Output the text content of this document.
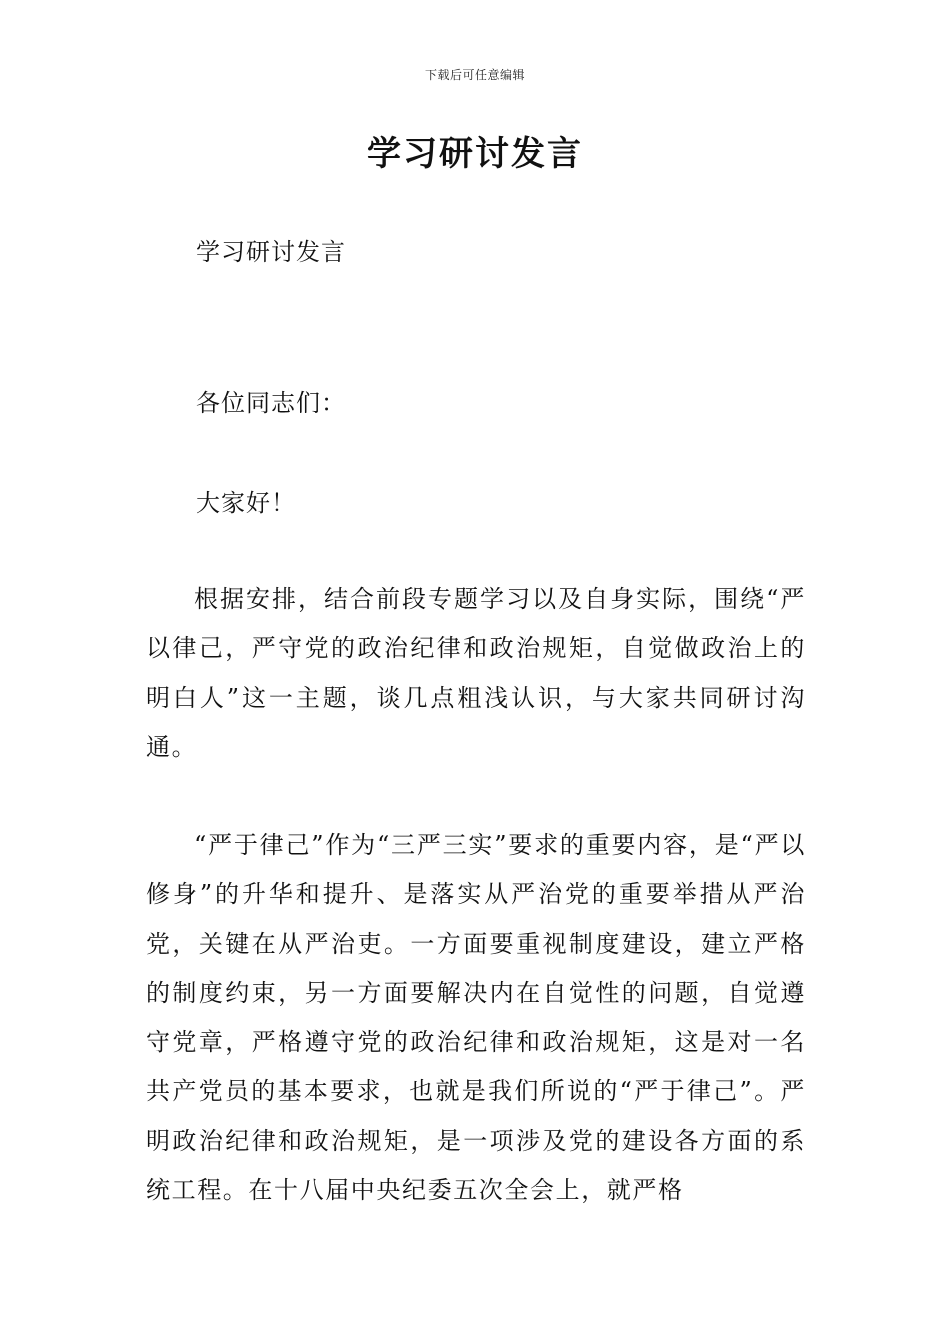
下载后可任意编辑
学习研讨发言
学习研讨发言
各位同志们：
大家好！

根据安排，结合前段专题学习以及自身实际，围绕“严以律己，严守党的政治纪律和政治规矩，自觉做政治上的明白人”这一主题，谈几点粗浅认识，与大家共同研讨沟通。

“严于律己”作为“三严三实”要求的重要内容，是“严以修身”的升华和提升、是落实从严治党的重要举措从严治党，关键在从严治吏。一方面要重视制度建设，建立严格的制度约束，另一方面要解决内在自觉性的问题，自觉遵守党章，严格遵守党的政治纪律和政治规矩，这是对一名共产党员的基本要求，也就是我们所说的“严于律己”。严明政治纪律和政治规矩，是一项涉及党的建设各方面的系统工程。在十八届中央纪委五次全会上，就严格
